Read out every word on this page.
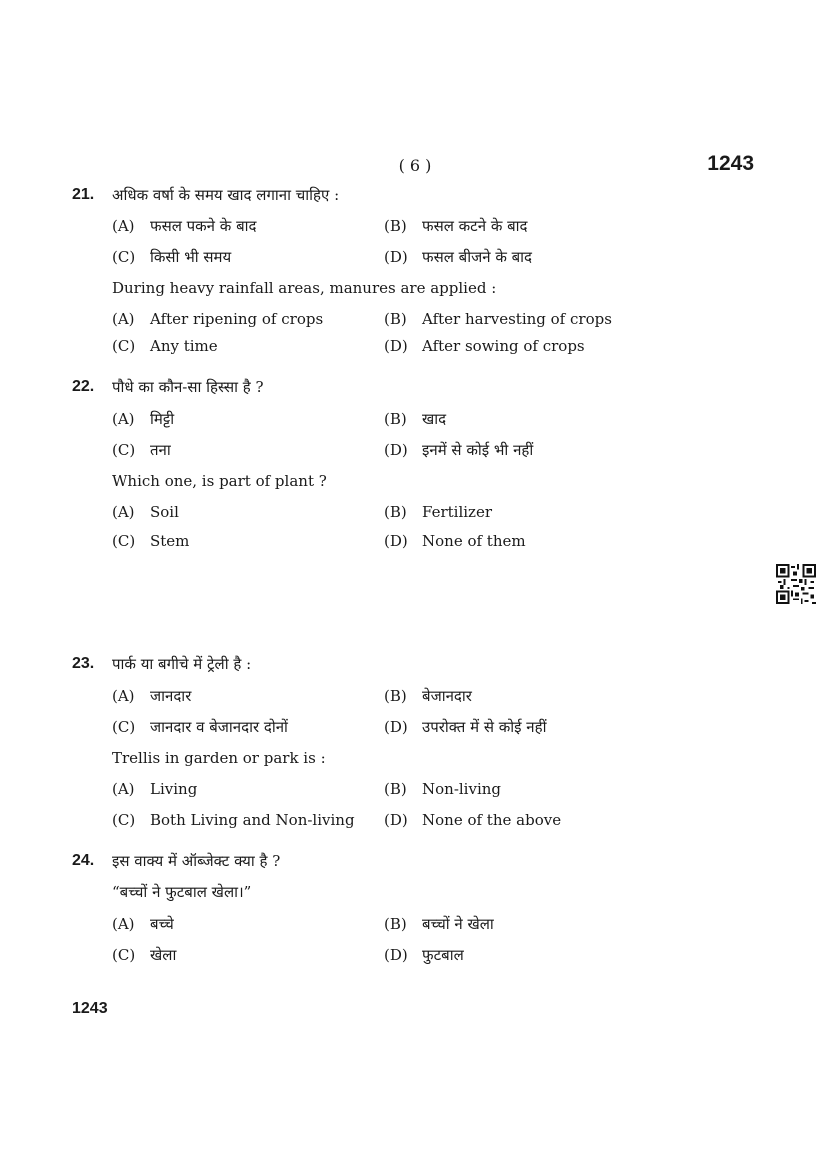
( 6 )	1243
21. अधिक वर्षा के समय खाद लगाना चाहिए :
(A) फसल पकने के बाद	(B) फसल कटने के बाद
(C) किसी भी समय	(D) फसल बीजने के बाद
During heavy rainfall areas, manures are applied :
(A) After ripening of crops	(B) After harvesting of crops
(C) Any time	(D) After sowing of crops
22. पौधे का कौन-सा हिस्सा है ?
(A) मिट्टी	(B) खाद
(C) तना	(D) इनमें से कोई भी नहीं
Which one, is part of plant ?
(A) Soil	(B) Fertilizer
(C) Stem	(D) None of them
23. पार्क या बगीचे में ट्रेली है :
(A) जानदार	(B) बेजानदार
(C) जानदार व बेजानदार दोनों	(D) उपरोक्त में से कोई नहीं
Trellis in garden or park is :
(A) Living	(B) Non-living
(C) Both Living and Non-living (D) None of the above
24. इस वाक्य में ऑब्जेक्ट क्या है ?
“बच्चों ने फुटबाल खेला।”
(A) बच्चे	(B) बच्चों ने खेला
(C) खेला	(D) फुटबाल
1243
